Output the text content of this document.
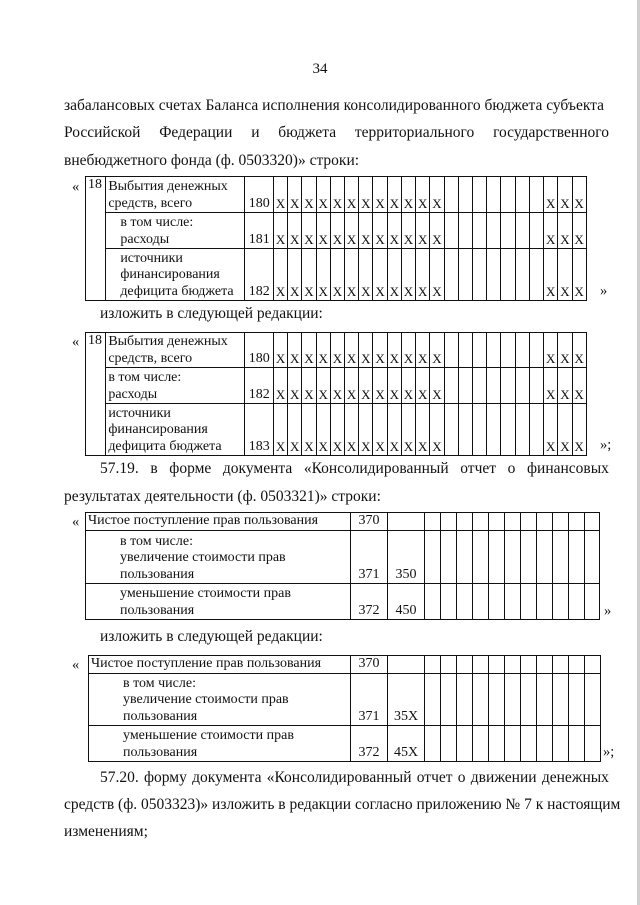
34
забалансовых счетах Баланса исполнения консолидированного бюджета субъекта
Российской Федерации и бюджета территориального государственного
внебюджетного фонда (ф. 0503320)» строки:
« 18	Выбытия денежных
средств, всего	180	X	X	X	X	X	X	X	X	X	X	X	X								X	X	X
	в том числе:
расходы	181	X	X	X	X	X	X	X	X	X	X	X	X								X	X	X
	источники
финансирования
дефицита бюджета	182	X	X	X	X	X	X	X	X	X	X	X	X								X	X	X »
изложить в следующей редакции:
« 18	Выбытия денежных
средств, всего	180	X	X	X	X	X	X	X	X	X	X	X	X								X	X	X
	в том числе:
расходы	182	X	X	X	X	X	X	X	X	X	X	X	X								X	X	X
	источники
финансирования
дефицита бюджета	183	X	X	X	X	X	X	X	X	X	X	X	X								X	X	X »;
57.19. в форме документа «Консолидированный отчет о финансовых
результатах деятельности (ф. 0503321)» строки:
« Чистое поступление прав пользования	370												
в том числе:
увеличение стоимости прав
пользования	371	350											
уменьшение стоимости прав
пользования	372	450												»
изложить в следующей редакции:
« Чистое поступление прав пользования	370												
в том числе:
увеличение стоимости прав
пользования	371	35X											
уменьшение стоимости прав
пользования	372	45X												»;
57.20. форму документа «Консолидированный отчет о движении денежных
средств (ф. 0503323)» изложить в редакции согласно приложению № 7 к настоящим
изменениям;
